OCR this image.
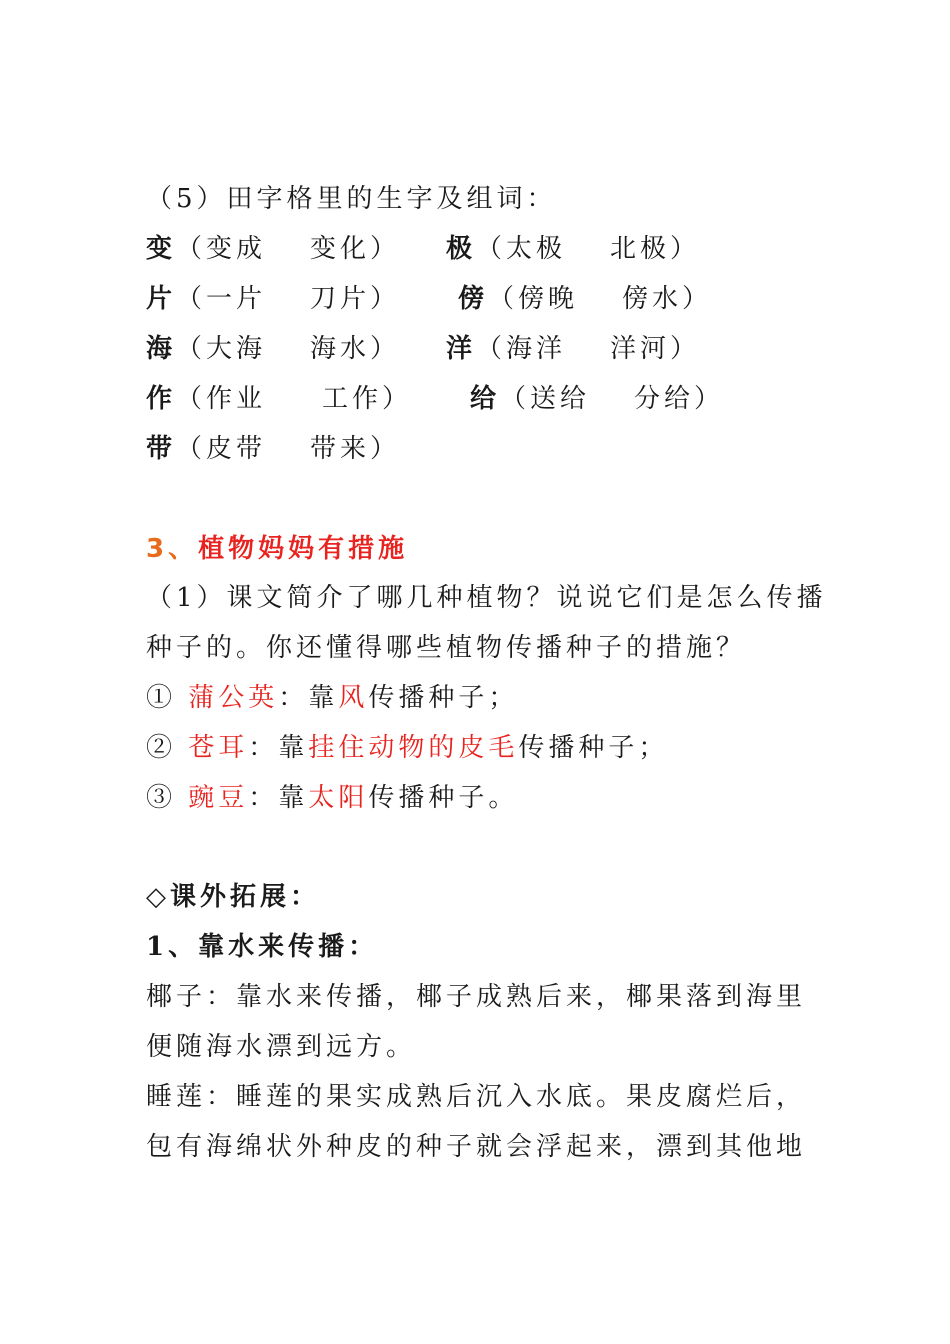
（5）田字格里的生字及组词：
变（变成 变化） 极（太极 北极）
片（一片 刀片） 傍（傍晚 傍水）
海（大海 海水） 洋（海洋 洋河）
作（作业 工作） 给（送给 分给）
带（皮带 带来）
3、植物妈妈有措施
（1）课文简介了哪几种植物？说说它们是怎么传播
种子的。你还懂得哪些植物传播种子的措施？
① 蒲公英：靠风传播种子；
② 苍耳：靠挂住动物的皮毛传播种子；
③ 豌豆：靠太阳传播种子。
◇课外拓展：
1、靠水来传播：
椰子：靠水来传播，椰子成熟后来，椰果落到海里
便随海水漂到远方。
睡莲：睡莲的果实成熟后沉入水底。果皮腐烂后，
包有海绵状外种皮的种子就会浮起来，漂到其他地
